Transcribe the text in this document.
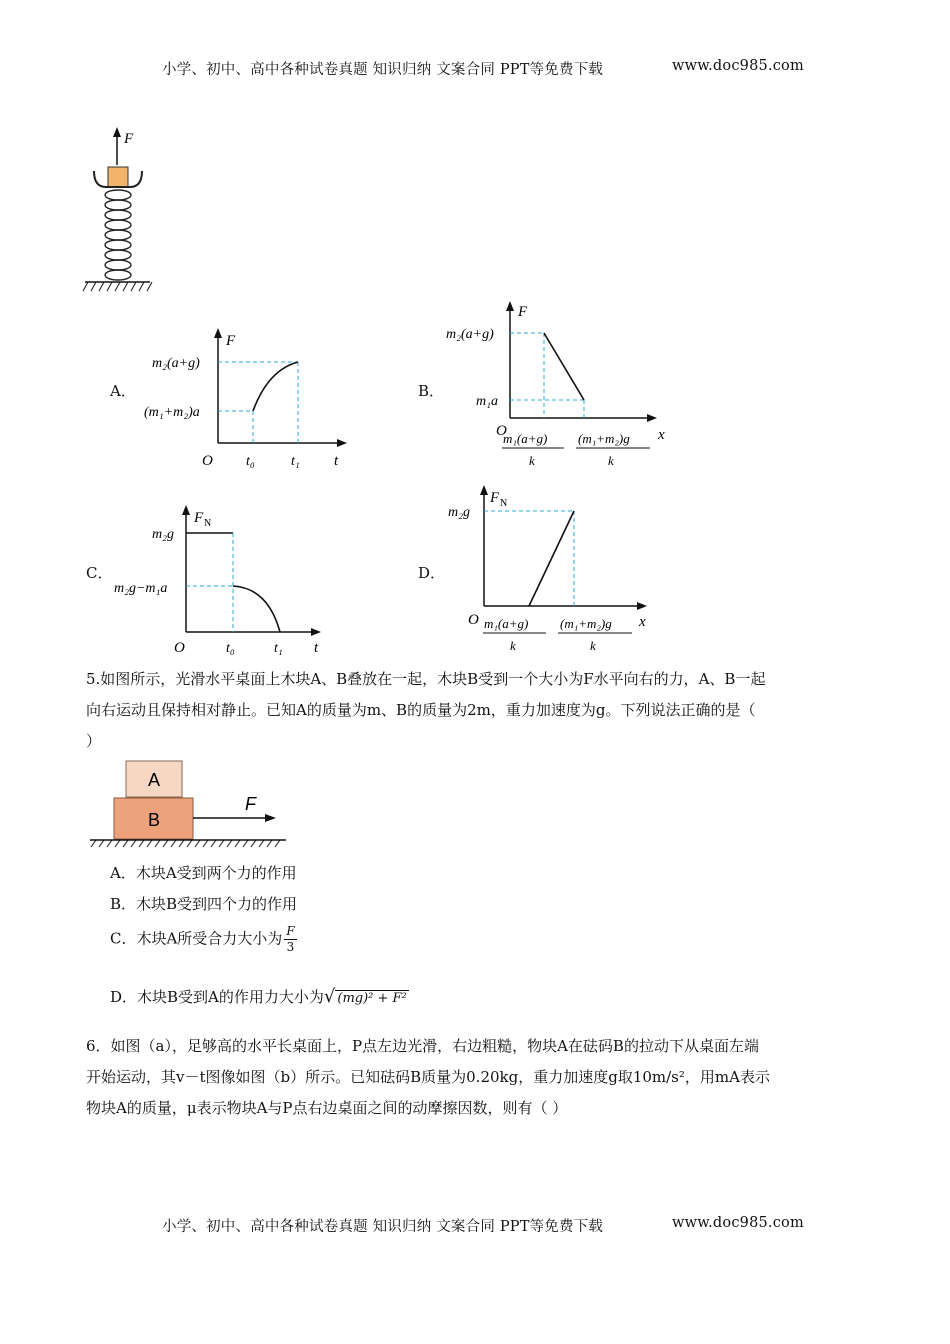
小学、初中、高中各种试卷真题 知识归纳 文案合同 PPT等免费下载	www.doc985.com
F
A．
F
t
O
m₂(a+g)
(m₁+m₂)a
t₀	t₁
B．
F
x
O
m₂(a+g)
m₁a
m₁(a+g)
k
(m₁+m₂)g
k
C．
F N
t
O
m₂g
m₂g−m₁a
t₀	t₁
D．
F N
x
O
m₂g
m₁(a+g)
k
(m₁+m₂)g
k
5.如图所示，光滑水平桌面上木块A、B叠放在一起，木块B受到一个大小为F水平向右的力，A、B一起
向右运动且保持相对静止。已知A的质量为m、B的质量为2m，重力加速度为g。下列说法正确的是（
）
A
B
F
A．木块A受到两个力的作用
B．木块B受到四个力的作用
C．木块A所受合力大小为 $\frac{F}{3}$
D．木块B受到A的作用力大小为√ (mg)² + F²
6．如图（a），足够高的水平长桌面上，P点左边光滑，右边粗糙，物块A在砝码B的拉动下从桌面左端
开始运动，其v－t图像如图（b）所示。已知砝码B质量为0.20kg，重力加速度g取10m/s²，用mA表示
物块A的质量，μ表示物块A与P点右边桌面之间的动摩擦因数，则有（ ）
小学、初中、高中各种试卷真题 知识归纳 文案合同 PPT等免费下载	www.doc985.com
